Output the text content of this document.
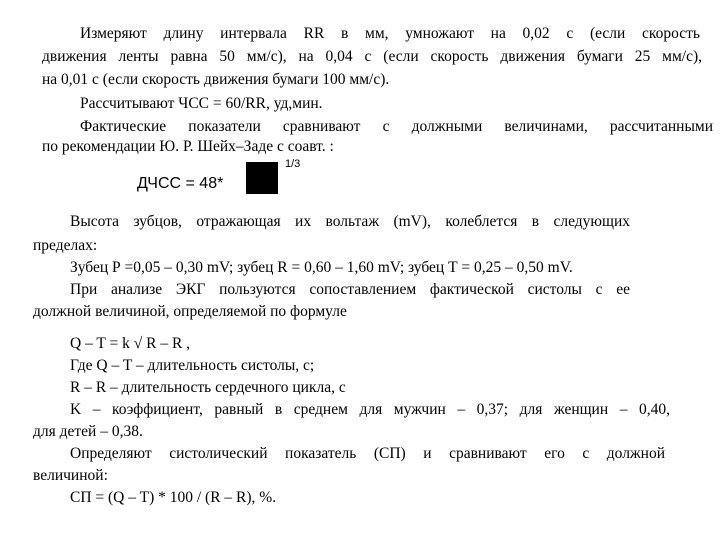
Измеряют длину интервала RR в мм, умножают на 0,02 с (если скорость
движения ленты равна 50 мм/с), на 0,04 с (если скорость движения бумаги 25 мм/с),
на 0,01 с (если скорость движения бумаги 100 мм/с).
Рассчитывают ЧСС = 60/RR, уд,мин.
Фактические показатели сравнивают с должными величинами, рассчитанными
по рекомендации Ю. Р. Шейх–Заде с соавт. :
1/3
ДЧСС = 48*
Высота зубцов, отражающая их вольтаж (mV), колеблется в следующих
пределах:
Зубец Р =0,05 – 0,30 mV; зубец R = 0,60 – 1,60 mV; зубец Т = 0,25 – 0,50 mV.
При анализе ЭКГ пользуются сопоставлением фактической систолы с ее
должной величиной, определяемой по формуле
Q – T = k √ R – R ,
Где Q – T – длительность систолы, с;
R – R – длительность сердечного цикла, с
K – коэффициент, равный в среднем для мужчин – 0,37; для женщин – 0,40,
для детей – 0,38.
Определяют систолический показатель (СП) и сравнивают его с должной
величиной:
СП = (Q – T) * 100 / (R – R), %.
